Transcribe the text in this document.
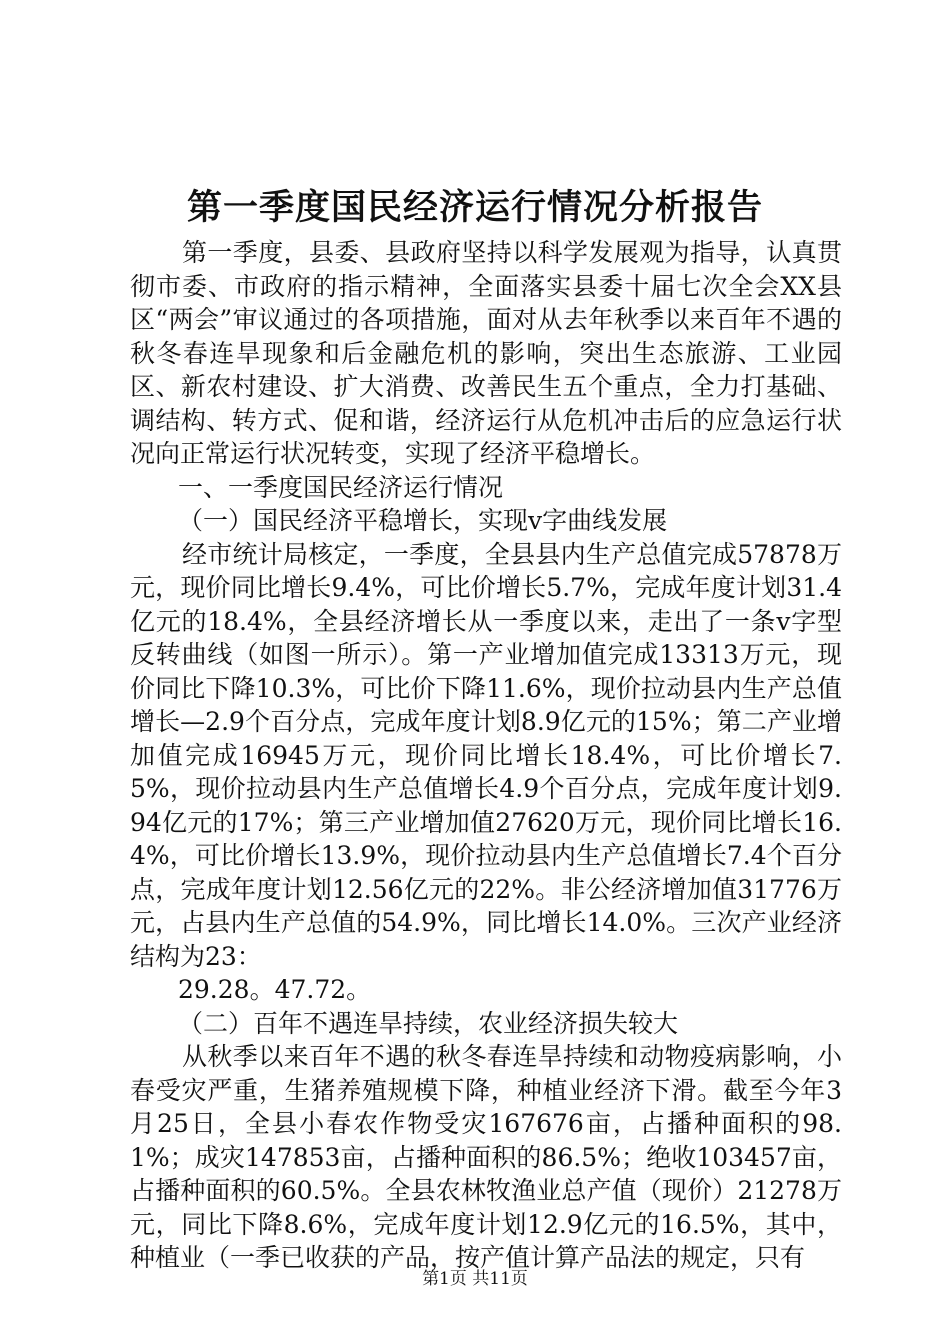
第一季度国民经济运行情况分析报告

第一季度，县委、县政府坚持以科学发展观为指导，认真贯彻市委、市政府的指示精神，全面落实县委十届七次全会XX县区“两会”审议通过的各项措施，面对从去年秋季以来百年不遇的秋冬春连旱现象和后金融危机的影响，突出生态旅游、工业园区、新农村建设、扩大消费、改善民生五个重点，全力打基础、调结构、转方式、促和谐，经济运行从危机冲击后的应急运行状况向正常运行状况转变，实现了经济平稳增长。

一、一季度国民经济运行情况

（一）国民经济平稳增长，实现v字曲线发展

经市统计局核定，一季度，全县县内生产总值完成57878万元，现价同比增长9.4%，可比价增长5.7%，完成年度计划31.4亿元的18.4%，全县经济增长从一季度以来，走出了一条v字型反转曲线（如图一所示）。第一产业增加值完成13313万元，现价同比下降10.3%，可比价下降11.6%，现价拉动县内生产总值增长—2.9个百分点，完成年度计划8.9亿元的15%；第二产业增加值完成16945万元，现价同比增长18.4%，可比价增长7.5%，现价拉动县内生产总值增长4.9个百分点，完成年度计划9.94亿元的17%；第三产业增加值27620万元，现价同比增长16.4%，可比价增长13.9%，现价拉动县内生产总值增长7.4个百分点，完成年度计划12.56亿元的22%。非公经济增加值31776万元，占县内生产总值的54.9%，同比增长14.0%。三次产业经济结构为23：

29.28。47.72。

（二）百年不遇连旱持续，农业经济损失较大

从秋季以来百年不遇的秋冬春连旱持续和动物疫病影响，小春受灾严重，生猪养殖规模下降，种植业经济下滑。截至今年3月25日，全县小春农作物受灾167676亩，占播种面积的98.1%；成灾147853亩，占播种面积的86.5%；绝收103457亩，占播种面积的60.5%。全县农林牧渔业总产值（现价）21278万元，同比下降8.6%，完成年度计划12.9亿元的16.5%，其中，种植业（一季已收获的产品，按产值计算产品法的规定，只有

第1页 共11页
